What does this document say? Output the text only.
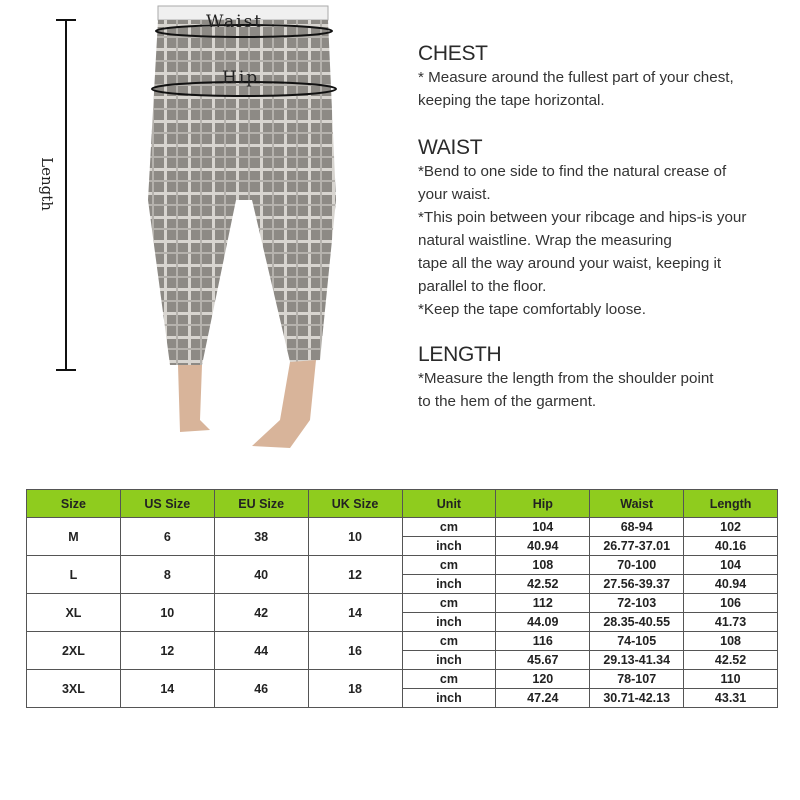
Length
Waist
Hip
CHEST

* Measure around the fullest part of your chest,

keeping the tape horizontal.

WAIST

*Bend to one side to find the natural crease of

your waist.

*This poin between your ribcage and hips-is your

natural waistline. Wrap the measuring

tape all the way around your waist, keeping it

parallel to the floor.

*Keep the tape comfortably loose.

LENGTH

*Measure the length from the shoulder point

to the hem of the garment.

Size	US Size	EU Size	UK Size	Unit	Hip	Waist	Length
M	6	38	10	cm	104	68-94	102
				inch	40.94	26.77-37.01	40.16
L	8	40	12	cm	108	70-100	104
				inch	42.52	27.56-39.37	40.94
XL	10	42	14	cm	112	72-103	106
				inch	44.09	28.35-40.55	41.73
2XL	12	44	16	cm	116	74-105	108
				inch	45.67	29.13-41.34	42.52
3XL	14	46	18	cm	120	78-107	110
				inch	47.24	30.71-42.13	43.31
